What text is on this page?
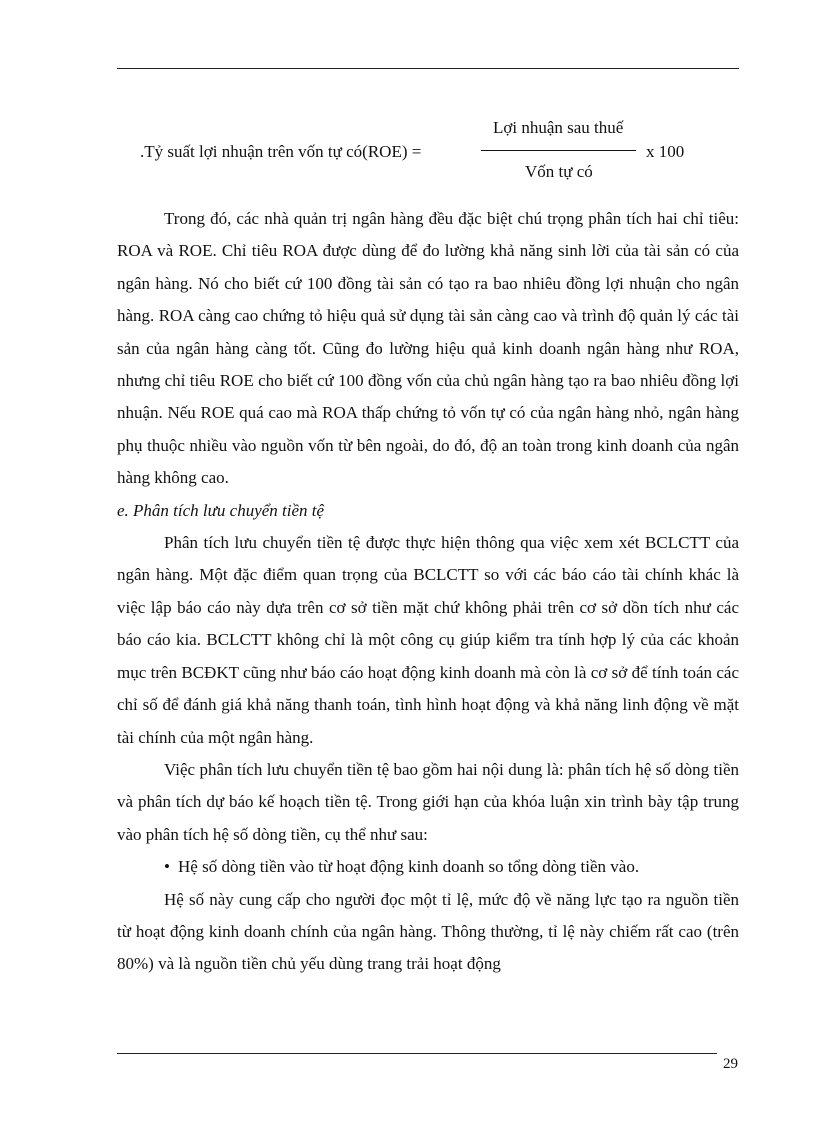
.Tỷ suất lợi nhuận trên vốn tự có(ROE) =
Lợi nhuận sau thuế
Vốn tự có
x 100

Trong đó, các nhà quản trị ngân hàng đều đặc biệt chú trọng phân tích hai chỉ tiêu: ROA và ROE. Chỉ tiêu ROA được dùng để đo lường khả năng sinh lời của tài sản có của ngân hàng. Nó cho biết cứ 100 đồng tài sản có tạo ra bao nhiêu đồng lợi nhuận cho ngân hàng. ROA càng cao chứng tỏ hiệu quả sử dụng tài sản càng cao và trình độ quản lý các tài sản của ngân hàng càng tốt. Cũng đo lường hiệu quả kinh doanh ngân hàng như ROA, nhưng chỉ tiêu ROE cho biết cứ 100 đồng vốn của chủ ngân hàng tạo ra bao nhiêu đồng lợi nhuận. Nếu ROE quá cao mà ROA thấp chứng tỏ vốn tự có của ngân hàng nhỏ, ngân hàng phụ thuộc nhiều vào nguồn vốn từ bên ngoài, do đó, độ an toàn trong kinh doanh của ngân hàng không cao.

e. Phân tích lưu chuyển tiền tệ

Phân tích lưu chuyển tiền tệ được thực hiện thông qua việc xem xét BCLCTT của ngân hàng. Một đặc điểm quan trọng của BCLCTT so với các báo cáo tài chính khác là việc lập báo cáo này dựa trên cơ sở tiền mặt chứ không phải trên cơ sở dồn tích như các báo cáo kia. BCLCTT không chỉ là một công cụ giúp kiểm tra tính hợp lý của các khoản mục trên BCĐKT cũng như báo cáo hoạt động kinh doanh mà còn là cơ sở để tính toán các chỉ số để đánh giá khả năng thanh toán, tình hình hoạt động và khả năng linh động về mặt tài chính của một ngân hàng.

Việc phân tích lưu chuyển tiền tệ bao gồm hai nội dung là: phân tích hệ số dòng tiền và phân tích dự báo kế hoạch tiền tệ. Trong giới hạn của khóa luận xin trình bày tập trung vào phân tích hệ số dòng tiền, cụ thể như sau:

• Hệ số dòng tiền vào từ hoạt động kinh doanh so tổng dòng tiền vào.

Hệ số này cung cấp cho người đọc một tỉ lệ, mức độ về năng lực tạo ra nguồn tiền từ hoạt động kinh doanh chính của ngân hàng. Thông thường, tỉ lệ này chiếm rất cao (trên 80%) và là nguồn tiền chủ yếu dùng trang trải hoạt động

29
